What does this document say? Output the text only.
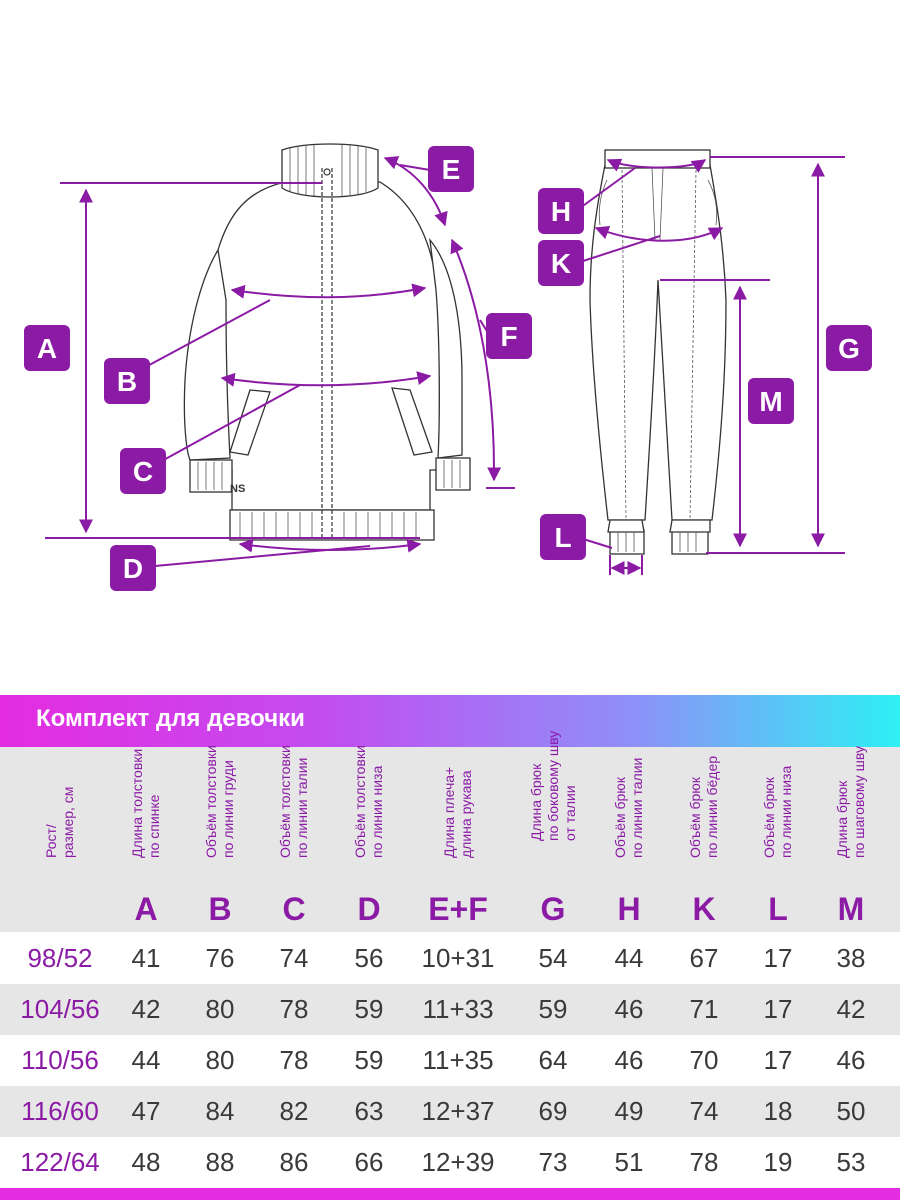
NS
A
B
C
D
E
F
H
K
L
M
G
Комплект для девочки
Рост/
размер, см
Длина толстовки
по спинке
A
Объём толстовки
по линии груди
B
Объём толстовки
по линии талии
C
Объём толстовки
по линии низа
D
Длина плеча+
длина рукава
E+F
Длина брюк
по боковому шву
от талии
G
Объём брюк
по линии талии
H
Объём брюк
по линии бёдер
K
Объём брюк
по линии низа
L
Длина брюк
по шаговому шву
M
98/52	41	76	74	56	10+31	54	44	67	17	38
104/56	42	80	78	59	11+33	59	46	71	17	42
110/56	44	80	78	59	11+35	64	46	70	17	46
116/60	47	84	82	63	12+37	69	49	74	18	50
122/64	48	88	86	66	12+39	73	51	78	19	53
